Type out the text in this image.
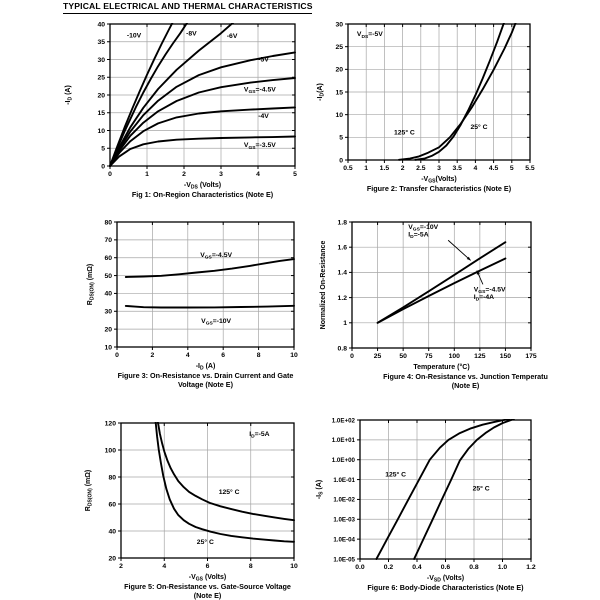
0	1	2	3	4	5
0
5
10
15
20
25
30
35
40
$-V_{DS}$ (Volts)
$-I_D$ (A)
-10V	-8V	-6V
-5V
$V_{GS}=-4.5V$
-4V
$V_{GS}=-3.5V$
Fig 1: On-Region Characteristics (Note E)
0.5 1 1.5 2 2.5 3 3.5 4 4.5 5 5.5
0
5
10
15
20
25
30
$-V_{GS}(Volts)$
$-I_D(A)$
$V_{DS}=-5V$
125° C
25° C
Figure 2: Transfer Characteristics (Note E)
0	2	4	6	8	10
10
20
30
40
50
60
70
80
$-I_D$ (A)
$R_{DS(ON)}$ (mΩ)
$V_{GS}=-4.5V$
$V_{GS}=-10V$
Figure 3: On-Resistance vs. Drain Current and Gate
Voltage (Note E)
0	25	50	75 100 125 150 175
0.8
1
1.2
1.4
1.6
1.8
Temperature (°C)
Normalized On-Resistance
$V_{GS}=-10V$
$I_D=-5A$
$V_{GS}=-4.5V$
$I_D=-4A$
Figure 4: On-Resistance vs. Junction Temperatu
(Note E)
2	4	6	8	10
20
40
60
80
100
120
$-V_{GS}$ (Volts)
$R_{DS(ON)}$ (mΩ)
$I_D=-5A$
125° C
25° C
Figure 5: On-Resistance vs. Gate-Source Voltage
(Note E)
0.0	0.2	0.4	0.6	0.8	1.0	1.2
1.0E-05
1.0E-04
1.0E-03
1.0E-02
1.0E-01
1.0E+00
1.0E+01
1.0E+02
$-V_{SD}$ (Volts)
$-I_S$ (A)
125° C
25° C
Figure 6: Body-Diode Characteristics (Note E)
TYPICAL ELECTRICAL AND THERMAL CHARACTERISTICS
